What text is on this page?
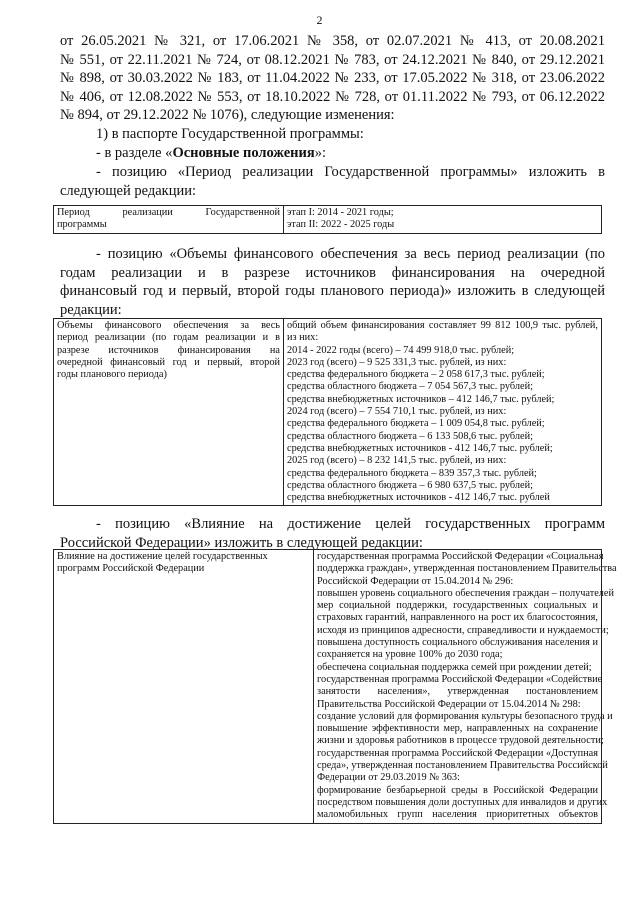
2
от 26.05.2021 № 321, от 17.06.2021 № 358, от 02.07.2021 № 413, от 20.08.2021
№ 551, от 22.11.2021 № 724, от 08.12.2021 № 783, от 24.12.2021 № 840, от 29.12.2021
№ 898, от 30.03.2022 № 183, от 11.04.2022 № 233, от 17.05.2022 № 318, от 23.06.2022
№ 406, от 12.08.2022 № 553, от 18.10.2022 № 728, от 01.11.2022 № 793, от 06.12.2022
№ 894, от 29.12.2022 № 1076), следующие изменения:
1) в паспорте Государственной программы:
- в разделе «Основные положения»:
- позицию «Период реализации Государственной программы» изложить в
следующей редакции:
Период реализации Государственной
программы

этап I: 2014 - 2021 годы;
этап II: 2022 - 2025 годы
- позицию «Объемы финансового обеспечения за весь период реализации (по
годам реализации и в разрезе источников финансирования на очередной
финансовый год и первый, второй годы планового периода)» изложить в следующей
редакции:
Объемы финансового обеспечения за весь
период реализации (по годам реализации и в
разрезе источников финансирования на
очередной финансовый год и первый, второй
годы планового периода)

общий объем финансирования составляет 99 812 100,9 тыс. рублей,
из них:
2014 - 2022 годы (всего) – 74 499 918,0 тыс. рублей;
2023 год (всего) – 9 525 331,3 тыс. рублей, из них:
средства федерального бюджета – 2 058 617,3 тыс. рублей;
средства областного бюджета – 7 054 567,3 тыс. рублей;
средства внебюджетных источников – 412 146,7 тыс. рублей;
2024 год (всего) – 7 554 710,1 тыс. рублей, из них:
средства федерального бюджета – 1 009 054,8 тыс. рублей;
средства областного бюджета – 6 133 508,6 тыс. рублей;
средства внебюджетных источников - 412 146,7 тыс. рублей;
2025 год (всего) – 8 232 141,5 тыс. рублей, из них:
средства федерального бюджета – 839 357,3 тыс. рублей;
средства областного бюджета – 6 980 637,5 тыс. рублей;
средства внебюджетных источников - 412 146,7 тыс. рублей
- позицию «Влияние на достижение целей государственных программ
Российской Федерации» изложить в следующей редакции:
Влияние на достижение целей государственных
программ Российской Федерации

государственная программа Российской Федерации «Социальная
поддержка граждан», утвержденная постановлением Правительства
Российской Федерации от 15.04.2014 № 296:
повышен уровень социального обеспечения граждан – получателей
мер социальной поддержки, государственных социальных и
страховых гарантий, направленного на рост их благосостояния,
исходя из принципов адресности, справедливости и нуждаемости;
повышена доступность социального обслуживания населения и
сохраняется на уровне 100% до 2030 года;
обеспечена социальная поддержка семей при рождении детей;
государственная программа Российской Федерации «Содействие
занятости населения», утвержденная постановлением
Правительства Российской Федерации от 15.04.2014 № 298:
создание условий для формирования культуры безопасного труда и
повышение эффективности мер, направленных на сохранение
жизни и здоровья работников в процессе трудовой деятельности;
государственная программа Российской Федерации «Доступная
среда», утвержденная постановлением Правительства Российской
Федерации от 29.03.2019 № 363:
формирование безбарьерной среды в Российской Федерации
посредством повышения доли доступных для инвалидов и других
маломобильных групп населения приоритетных объектов
